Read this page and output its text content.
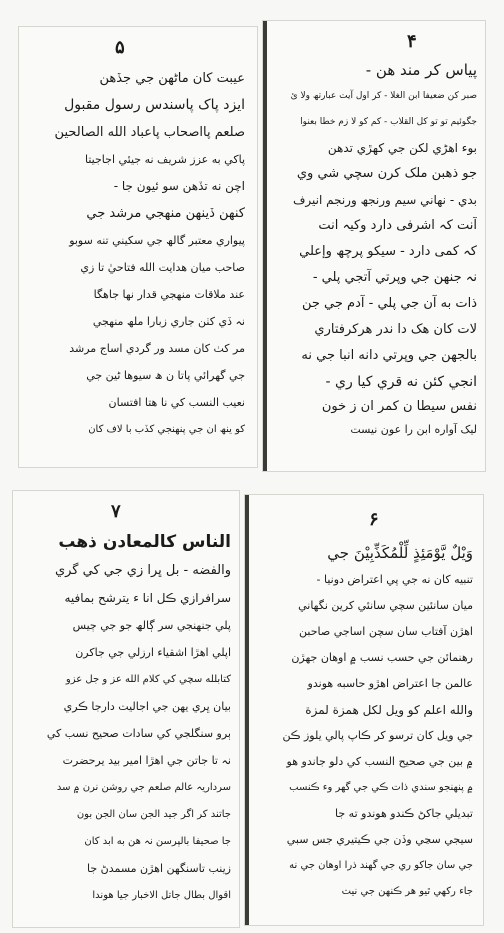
۴
پیاس کر مند ھن -
صبر کن ضعیفا ابن الغلا - کر اول آیت عبارتھ ولا ئ
جگوئیم تو تو کل القلاب - کم کو لا زم خطا بعنوا
بوء اھڑي لکن جي کھڙي تدھن
جو ذھبن ملک کرن سچي شي وي
بدي - نھاني سيم ورنجھ ورنجم انیرف
آنت کہ اشرفی دارد وکیہ انت
کہ کمی دارد - سیکو پرچھ وإعلي
نہ جنھن جي وپرتي آتجي پلي -
ذات به آن جي پلي - آدم جي جن
لات کان ھک دا ندر ھرکرفتاري
بالجھن جي وپرتي دانه انبا جي نه
انجي کئن نه قري کیا ري -
نفس سیطا ن کمر ان ز خون
لیک آواره ابن را عون نیست
۵
عیبت کان ماڻھن جي جڏھن
ایزد پاک پاسندس رسول مقبول
صلعم پااصحاب پاعباد الله الصالحين
پاکي به عزز شريف نه جيئي اجاجيتا
اچن نه تڏھن سو ئيون جا -
کنھن ڏينھن منھجي مرشد جي
پیواري معتبر گالھ جي سکيني تنه سوبو
صاحب میان ھدایت الله فتاحيٰ تا زي
عند ملاقات منھجي قدار نھا جاھگا
نہ ڏي کٺن جاري زبارا ملھ منھجي
مر کٺ کان مسد ور گردي اساج مرشد
جي گھرائي پاتا ن ھ سیوھا ڻين جي
نعيب النسب کي نا ھتا افتسان
کو ينھ ان جي پنھنجي کڏب با لاف کان
۶
وَيْلٌ يَّوْمَئِذٍ لِّلْمُكَذِّبِيْنَ جي
تنبیه کان نه جي پي اعتراض دونيا -
میان سانئين سچي سانئي کرين نگهاني
اھڙن آفتاب سان سچن اساجي صاحبن
رھنمائن جي حسب نسب ۾ اوھان جھڙن
عالمن جا اعتراض اھڙو حاسبه ھوندو
والله اعلم كو ويل لكل همزة لمزة
جي ويل کان ترسو کر ڪاپ پالي يلوز ڪن
۾ بين جي صحيح النسب کي دلو جاندو ھو
۾ پنھنجو سندي ذات ڪي جي گھر وء ڪنسب
تبدیلي جاکڻ ڪندو ھوندو ته جا
سيجي سڃي وڏن جي ڪيتيري جس سبي
جي سان جاکو ري جي گھند ذرا اوھان جي نه
جاء رکھي ٿيو ھر ڪنھن جي نيت
۷
الناس کالمعادن ذهب
والفضه - بل ڀرا زي جي کي گري
سرافرازي ڪل انا ء يترشح بمافيه
پلي جنھنجي سر ڳالھ جو جي ڄيس
اپلي اھڙا اشقياء ارزلي جي جاکرن
کتابلله سچي کي کلام الله عز و جل عزو
بيان ڀري يھن جي اجاليت دارجا ڪري
ٻرو سنگلجي کي سادات صحيح نسب کي
نہ تا جاتن جي اھڙا امیر بید يرحضرت
سرداريہ عالم صلعم جي روشن نرن ۾ سد
جاتند کر اگر جيد الجن سان الجن بون
جا صحيفا بالپرسن نہ ھن به ابد کان
زینب تاسنگھن اھڙن مسمدڻ جا
اقوال بطال جاتل الاخبار جيا ھوندا
